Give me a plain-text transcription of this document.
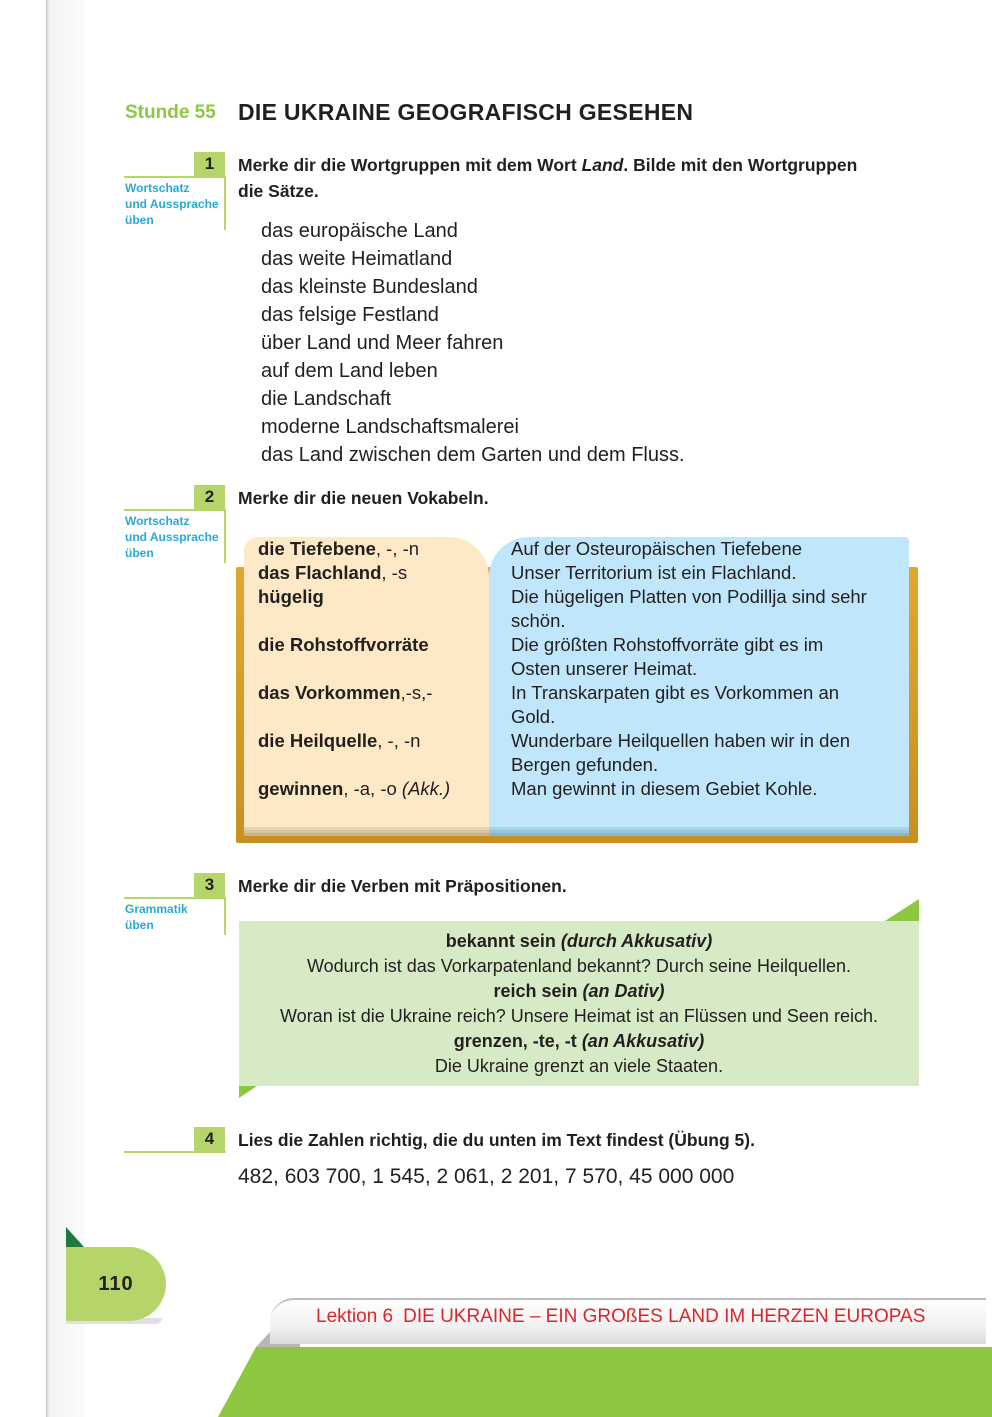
Stunde 55 DIE UKRAINE GEOGRAFISCH GESEHEN
1
Wortschatz
und Aussprache
üben
Merke dir die Wortgruppen mit dem Wort Land. Bilde mit den Wortgruppen
die Sätze.
das europäische Land
das weite Heimatland
das kleinste Bundesland
das felsige Festland
über Land und Meer fahren
auf dem Land leben
die Landschaft
moderne Landschaftsmalerei
das Land zwischen dem Garten und dem Fluss.
2
Wortschatz
und Aussprache
üben
Merke dir die neuen Vokabeln.
die Tiefebene, -, -n
das Flachland, -s
hügelig
die Rohstoffvorräte
das Vorkommen,-s,-
die Heilquelle, -, -n
gewinnen, -a, -o (Akk.)
Auf der Osteuropäischen Tiefebene
Unser Territorium ist ein Flachland.
Die hügeligen Platten von Podillja sind sehr
schön.
Die größten Rohstoffvorräte gibt es im
Osten unserer Heimat.
In Transkarpaten gibt es Vorkommen an
Gold.
Wunderbare Heilquellen haben wir in den
Bergen gefunden.
Man gewinnt in diesem Gebiet Kohle.
3
Grammatik
üben
Merke dir die Verben mit Präpositionen.
bekannt sein (durch Akkusativ)
Wodurch ist das Vorkarpatenland bekannt? Durch seine Heilquellen.
reich sein (an Dativ)
Woran ist die Ukraine reich? Unsere Heimat ist an Flüssen und Seen reich.
grenzen, -te, -t (an Akkusativ)
Die Ukraine grenzt an viele Staaten.
4	Lies die Zahlen richtig, die du unten im Text findest (Übung 5).
482, 603 700, 1 545, 2 061, 2 201, 7 570, 45 000 000
110
Lektion 6 DIE UKRAINE – EIN GROßES LAND IM HERZEN EUROPAS
